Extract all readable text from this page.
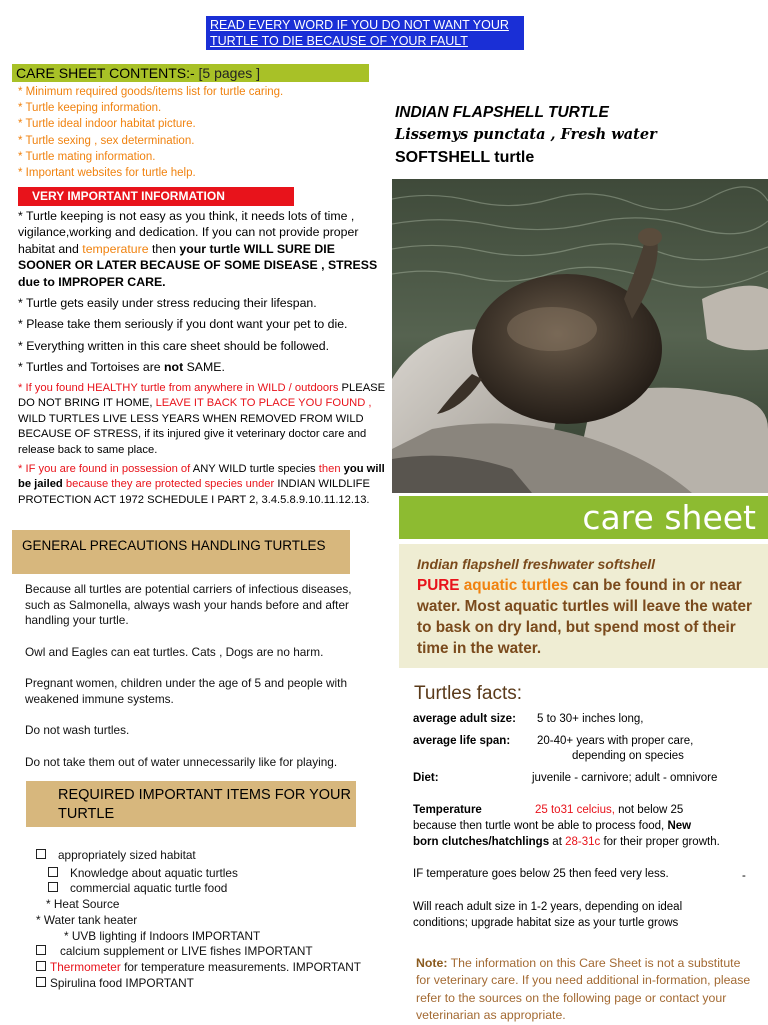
READ EVERY WORD IF YOU DO NOT WANT YOUR
TURTLE TO DIE BECAUSE OF YOUR FAULT
CARE SHEET CONTENTS:- [5 pages ]
* Minimum required goods/items list for turtle caring.
* Turtle keeping information.
* Turtle ideal indoor habitat picture.
* Turtle sexing , sex determination.
* Turtle mating information.
* Important websites for turtle help.
VERY IMPORTANT INFORMATION

* Turtle keeping is not easy as you think, it needs lots of time , vigilance,working and dedication. If you can not provide proper habitat and temperature then your turtle WILL SURE DIE SOONER OR LATER BECAUSE OF SOME DISEASE , STRESS due to IMPROPER CARE.

* Turtle gets easily under stress reducing their lifespan.

* Please take them seriously if you dont want your pet to die.

* Everything written in this care sheet should be followed.

* Turtles and Tortoises are not SAME.

* If you found HEALTHY turtle from anywhere in WILD / outdoors PLEASE DO NOT BRING IT HOME, LEAVE IT BACK TO PLACE YOU FOUND , WILD TURTLES LIVE LESS YEARS WHEN REMOVED FROM WILD BECAUSE OF STRESS, if its injured give it veterinary doctor care and release back to same place.

* IF you are found in possession of ANY WILD turtle species then you will be jailed because they are protected species under INDIAN WILDLIFE PROTECTION ACT 1972 SCHEDULE I PART 2, 3.4.5.8.9.10.11.12.13.

GENERAL PRECAUTIONS HANDLING TURTLES

Because all turtles are potential carriers of infectious diseases, such as Salmonella, always wash your hands before and after handling your turtle.

Owl and Eagles can eat turtles. Cats , Dogs are no harm.

Pregnant women, children under the age of 5 and people with weakened immune systems.

Do not wash turtles.

Do not take them out of water unnecessarily like for playing.

REQUIRED IMPORTANT ITEMS FOR YOUR TURTLE
appropriately sized habitat
Knowledge about aquatic turtles
commercial aquatic turtle food
* Heat Source
* Water tank heater
* UVB lighting if Indoors IMPORTANT
calcium supplement or LIVE fishes IMPORTANT
Thermometer for temperature measurements. IMPORTANT
Spirulina food IMPORTANT
INDIAN FLAPSHELL TURTLE
Lissemys punctata , Fresh water
SOFTSHELL turtle
care sheet
Indian flapshell freshwater softshell
PURE aquatic turtles can be found in or near water. Most aquatic turtles will leave the water to bask on dry land, but spend most of their time in the water.
Turtles facts:
average adult size: 5 to 30+ inches long,
average life span: 20-40+ years with proper care,
depending on species
Diet:	juvenile - carnivore; adult - omnivore
Temperature	25 to31 celcius, not below 25
because then turtle wont be able to process food, New
born clutches/hatchlings at 28-31c for their proper growth.
IF temperature goes below 25 then feed very less.	-
Will reach adult size in 1-2 years, depending on ideal conditions; upgrade habitat size as your turtle grows
Note: The information on this Care Sheet is not a substitute for veterinary care. If you need additional in-formation, please refer to the sources on the following page or contact your veterinarian as appropriate.
